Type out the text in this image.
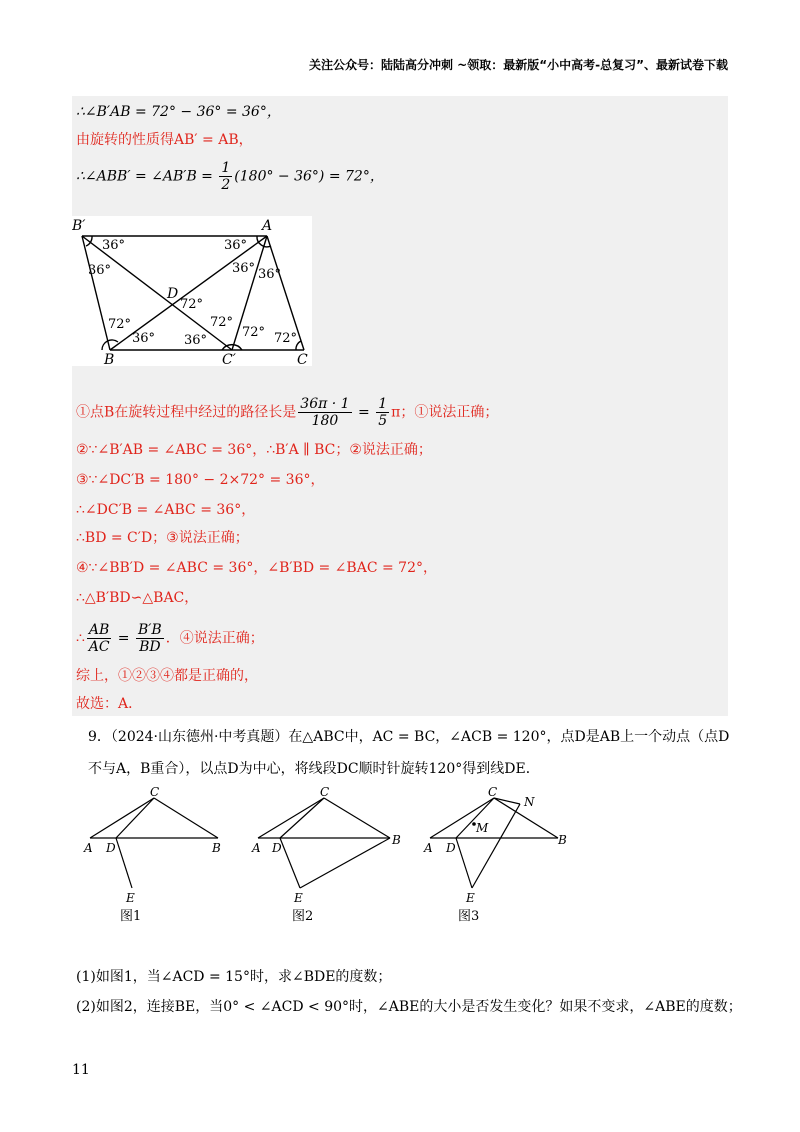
关注公众号：陆陆高分冲刺 ~领取：最新版“小中高考-总复习”、最新试卷下载
∴∠B′AB = 72° − 36° = 36°，
由旋转的性质得AB′ = AB，
∴∠ABB′ = ∠AB′B = $\frac{1}{2} (180^\circ - 36^\circ) = 72^\circ$，
B′	A
D
B	C′	C
36°	36°
36°	36° 36°
72°
72°
36° 36°
72°
72° 72°
①点B在旋转过程中经过的路径长是 $\frac{36\pi \cdot 1}{180} = \frac{1}{5}$ π；①说法正确；
②∵∠B′AB = ∠ABC = 36°，∴B′A ∥ BC；②说法正确；
③∵∠DC′B = 180° − 2×72° = 36°，
∴∠DC′B = ∠ABC = 36°，
∴BD = C′D；③说法正确；
④∵∠BB′D = ∠ABC = 36°，∠B′BD = ∠BAC = 72°，
∴△B′BD∽△BAC，
∴ $\frac{AB}{AC} = \frac{B'B}{BD}$ ．④说法正确；
综上，①②③④都是正确的，
故选：A．
9．（2024·山东德州·中考真题）在△ABC中，AC = BC，∠ACB = 120°，点D是AB上一个动点（点D
不与A，B重合），以点D为中心，将线段DC顺时针旋转120°得到线DE．
C
A D	B
E
C
A D
B
E
C
N
M
A D
B
E
图1	图2	图3
(1)如图1，当∠ACD = 15°时，求∠BDE的度数；
(2)如图2，连接BE，当0° < ∠ACD < 90°时，∠ABE的大小是否发生变化？如果不变求，∠ABE的度数；
11
